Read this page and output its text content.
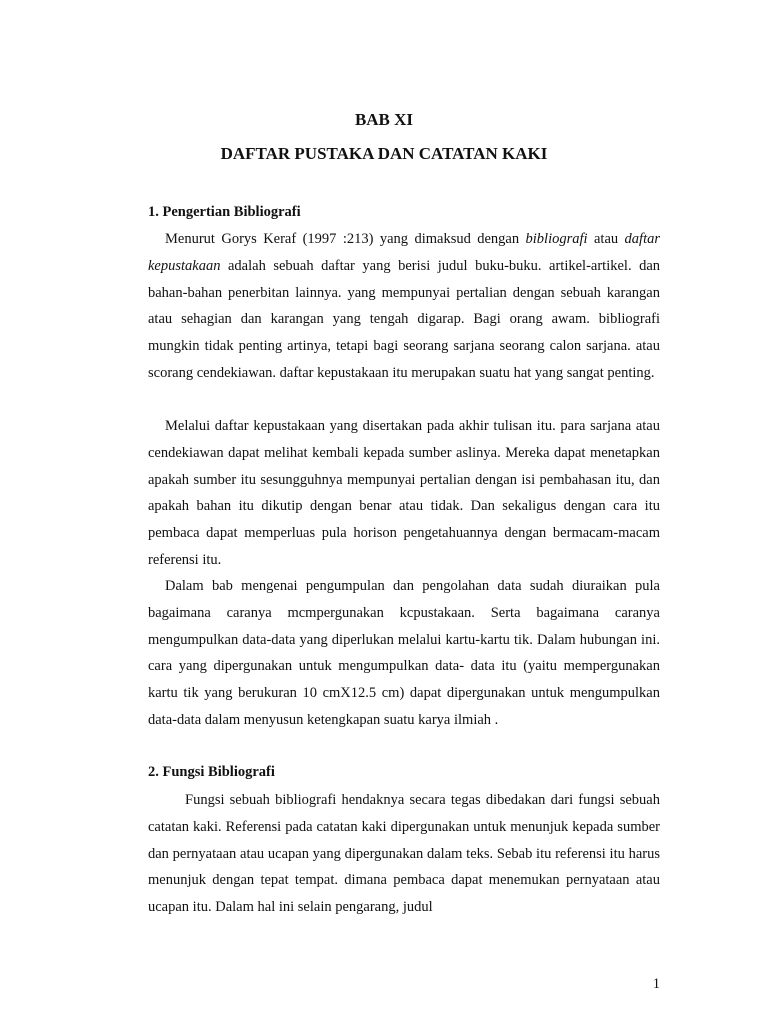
BAB XI
DAFTAR PUSTAKA DAN CATATAN KAKI
1. Pengertian Bibliografi

Menurut Gorys Keraf (1997 :213) yang dimaksud dengan bibliografi atau daftar kepustakaan adalah sebuah daftar yang berisi judul buku-buku. artikel-artikel. dan bahan-bahan penerbitan lainnya. yang mempunyai pertalian dengan sebuah karangan atau sehagian dan karangan yang tengah digarap. Bagi orang awam. bibliografi mungkin tidak penting artinya, tetapi bagi seorang sarjana seorang calon sarjana. atau scorang cendekiawan. daftar kepustakaan itu merupakan suatu hat yang sangat penting.

Melalui daftar kepustakaan yang disertakan pada akhir tulisan itu. para sarjana atau cendekiawan dapat melihat kembali kepada sumber aslinya. Mereka dapat menetapkan apakah sumber itu sesungguhnya mempunyai pertalian dengan isi pembahasan itu, dan apakah bahan itu dikutip dengan benar atau tidak. Dan sekaligus dengan cara itu pembaca dapat memperluas pula horison pengetahuannya dengan bermacam-macam referensi itu.

Dalam bab mengenai pengumpulan dan pengolahan data sudah diuraikan pula bagaimana caranya mcmpergunakan kcpustakaan. Serta bagaimana caranya mengumpulkan data-data yang diperlukan melalui kartu-kartu tik. Dalam hubungan ini. cara yang dipergunakan untuk mengumpulkan data- data itu (yaitu mempergunakan kartu tik yang berukuran 10 cmX12.5 cm) dapat dipergunakan untuk mengumpulkan data-data dalam menyusun ketengkapan suatu karya ilmiah .

2. Fungsi Bibliografi

Fungsi sebuah bibliografi hendaknya secara tegas dibedakan dari fungsi sebuah catatan kaki. Referensi pada catatan kaki dipergunakan untuk menunjuk kepada sumber dan pernyataan atau ucapan yang dipergunakan dalam teks. Sebab itu referensi itu harus menunjuk dengan tepat tempat. dimana pembaca dapat menemukan pernyataan atau ucapan itu. Dalam hal ini selain pengarang, judul

1
